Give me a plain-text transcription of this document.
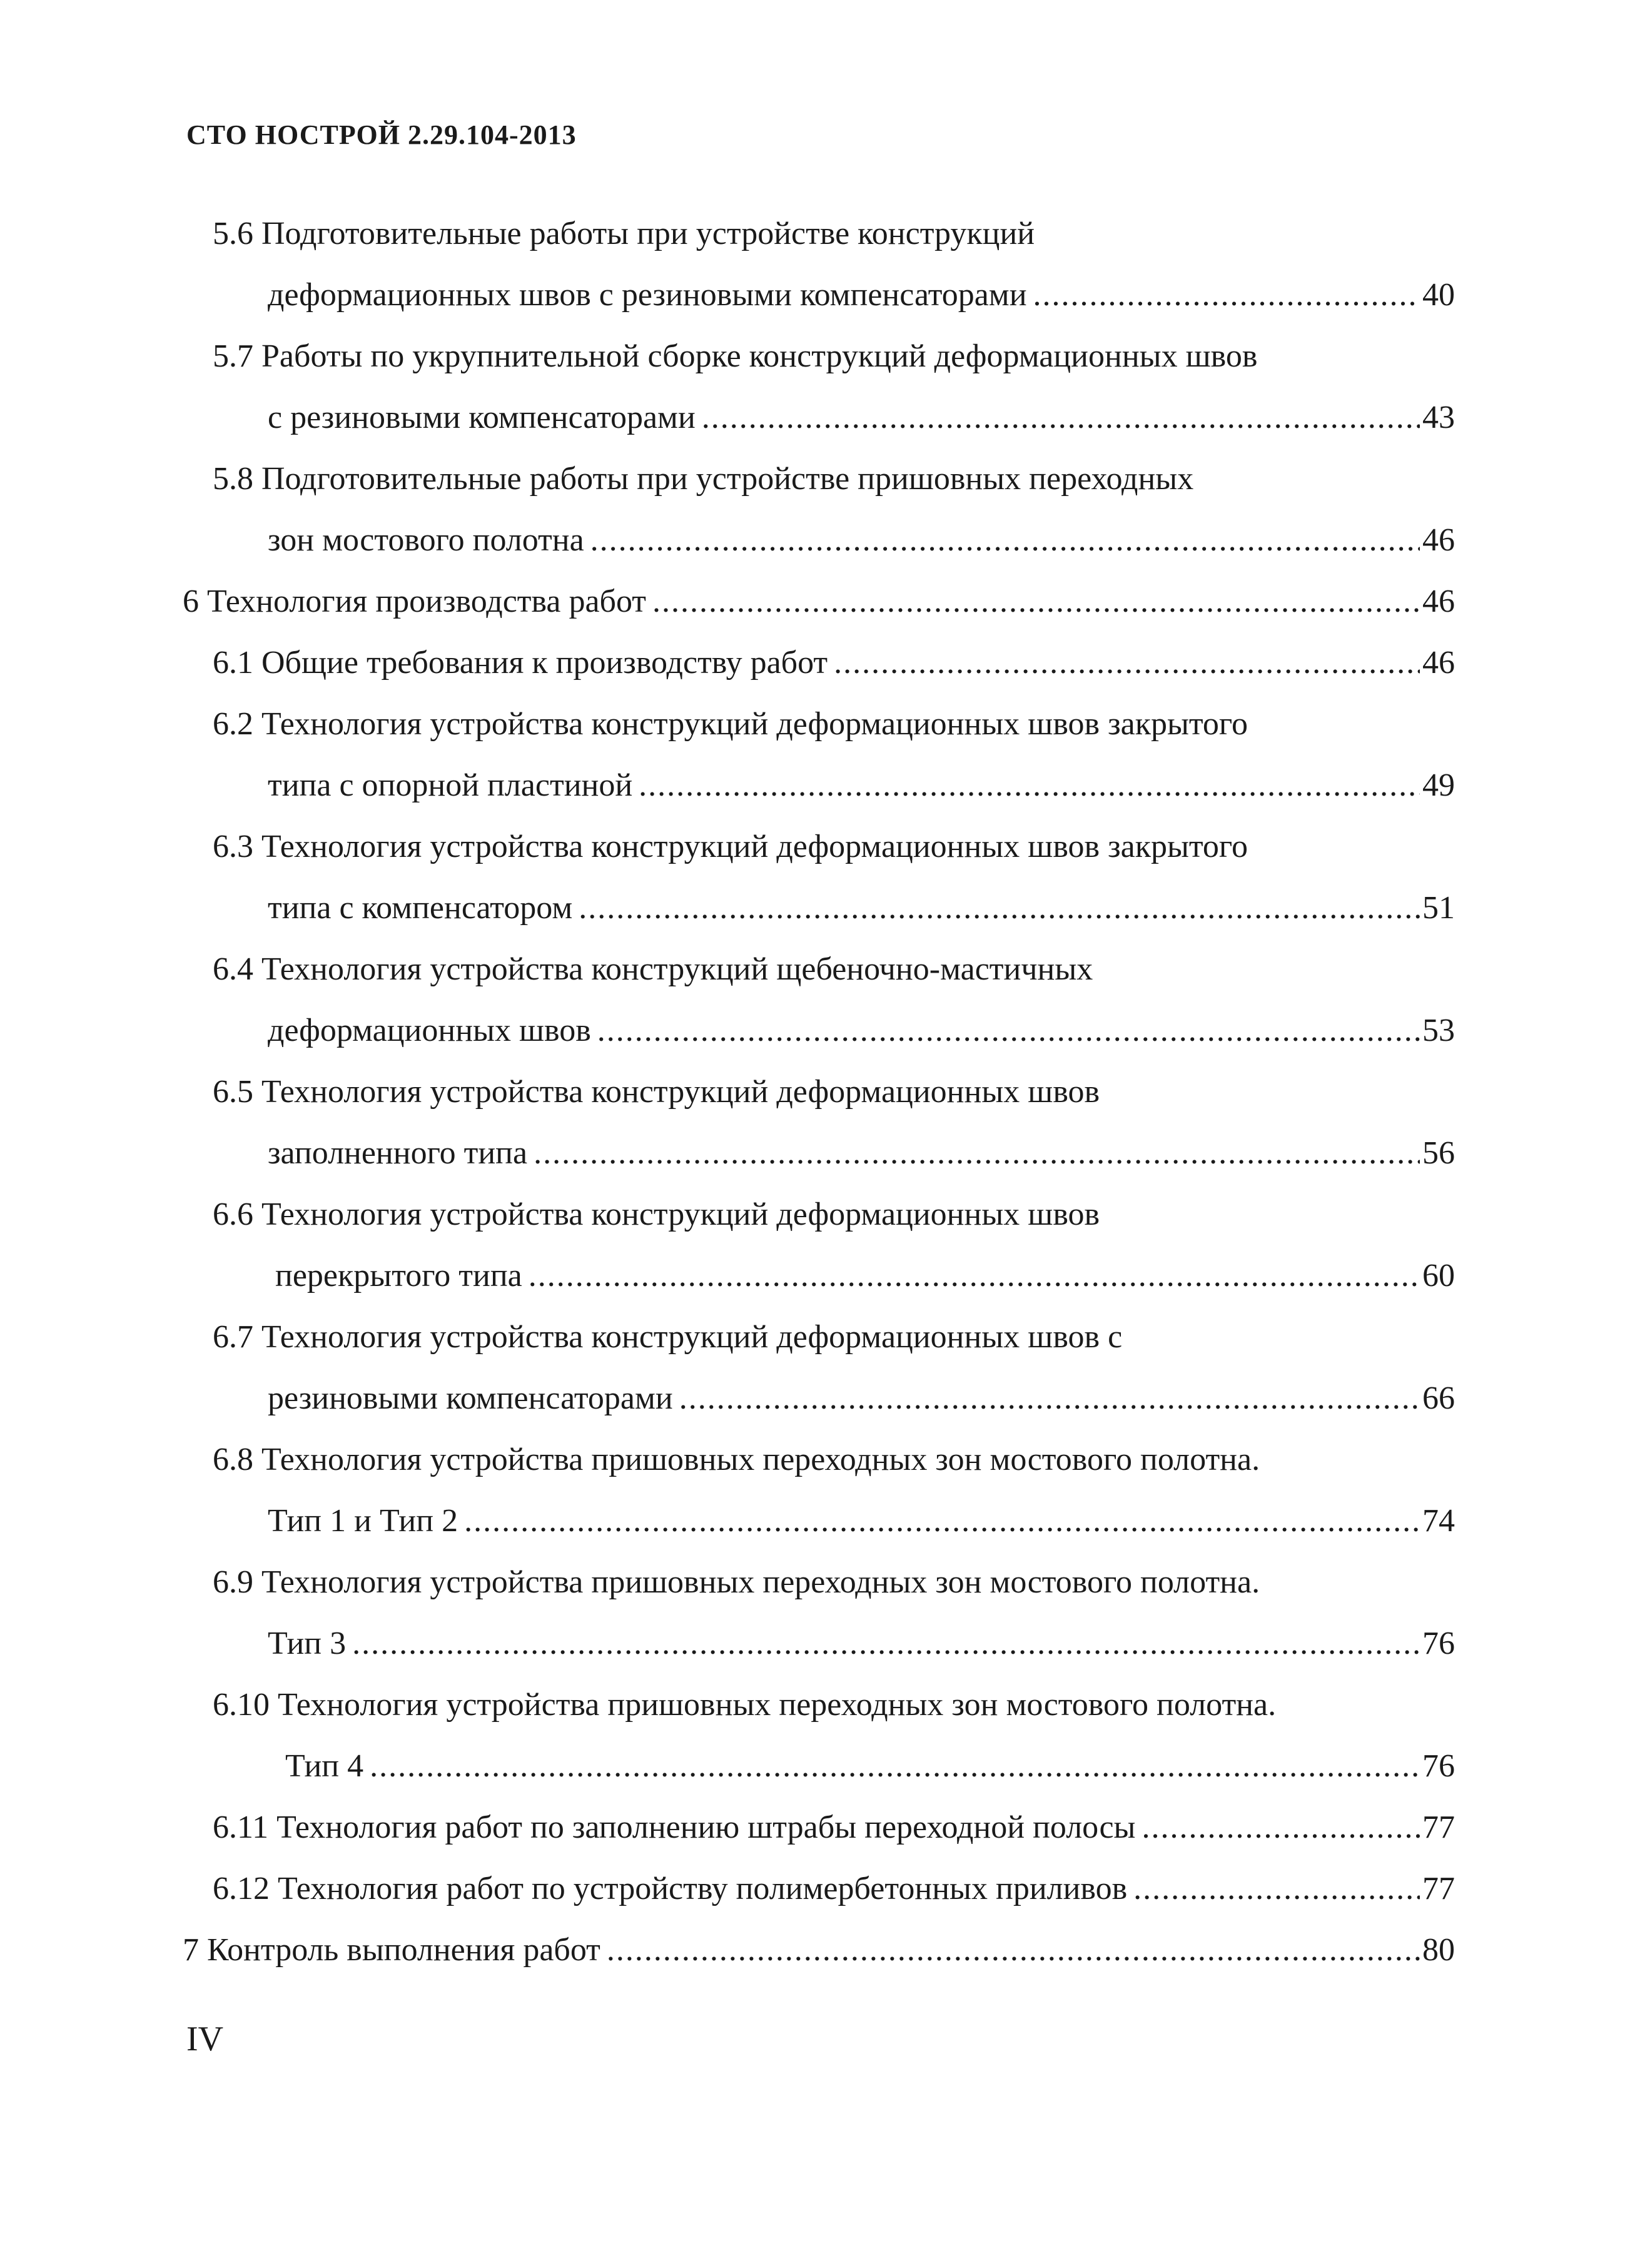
СТО НОСТРОЙ 2.29.104-2013
5.6 Подготовительные работы при устройстве конструкций
деформационных швов с резиновыми компенсаторами .....	40
5.7 Работы по укрупнительной сборке конструкций деформационных швов
с резиновыми компенсаторами .....	43
5.8 Подготовительные работы при устройстве пришовных переходных
зон мостового полотна .....	46
6 Технология производства работ .....	46
6.1 Общие требования к производству работ .....	46
6.2 Технология устройства конструкций деформационных швов закрытого
типа с опорной пластиной .....	49
6.3 Технология устройства конструкций деформационных швов закрытого
типа с компенсатором .....	51
6.4 Технология устройства конструкций щебеночно-мастичных
деформационных швов .....	53
6.5 Технология устройства конструкций деформационных швов
заполненного типа .....	56
6.6 Технология устройства конструкций деформационных швов
перекрытого типа .....	60
6.7 Технология устройства конструкций деформационных швов с
резиновыми компенсаторами .....	66
6.8 Технология устройства пришовных переходных зон мостового полотна.
Тип 1 и Тип 2 .....	74
6.9 Технология устройства пришовных переходных зон мостового полотна.
Тип 3 .....	76
6.10 Технология устройства пришовных переходных зон мостового полотна.
Тип 4 .....	76
6.11 Технология работ по заполнению штрабы переходной полосы .....	77
6.12 Технология работ по устройству полимербетонных приливов .....	77
7 Контроль выполнения работ .....	80
IV
